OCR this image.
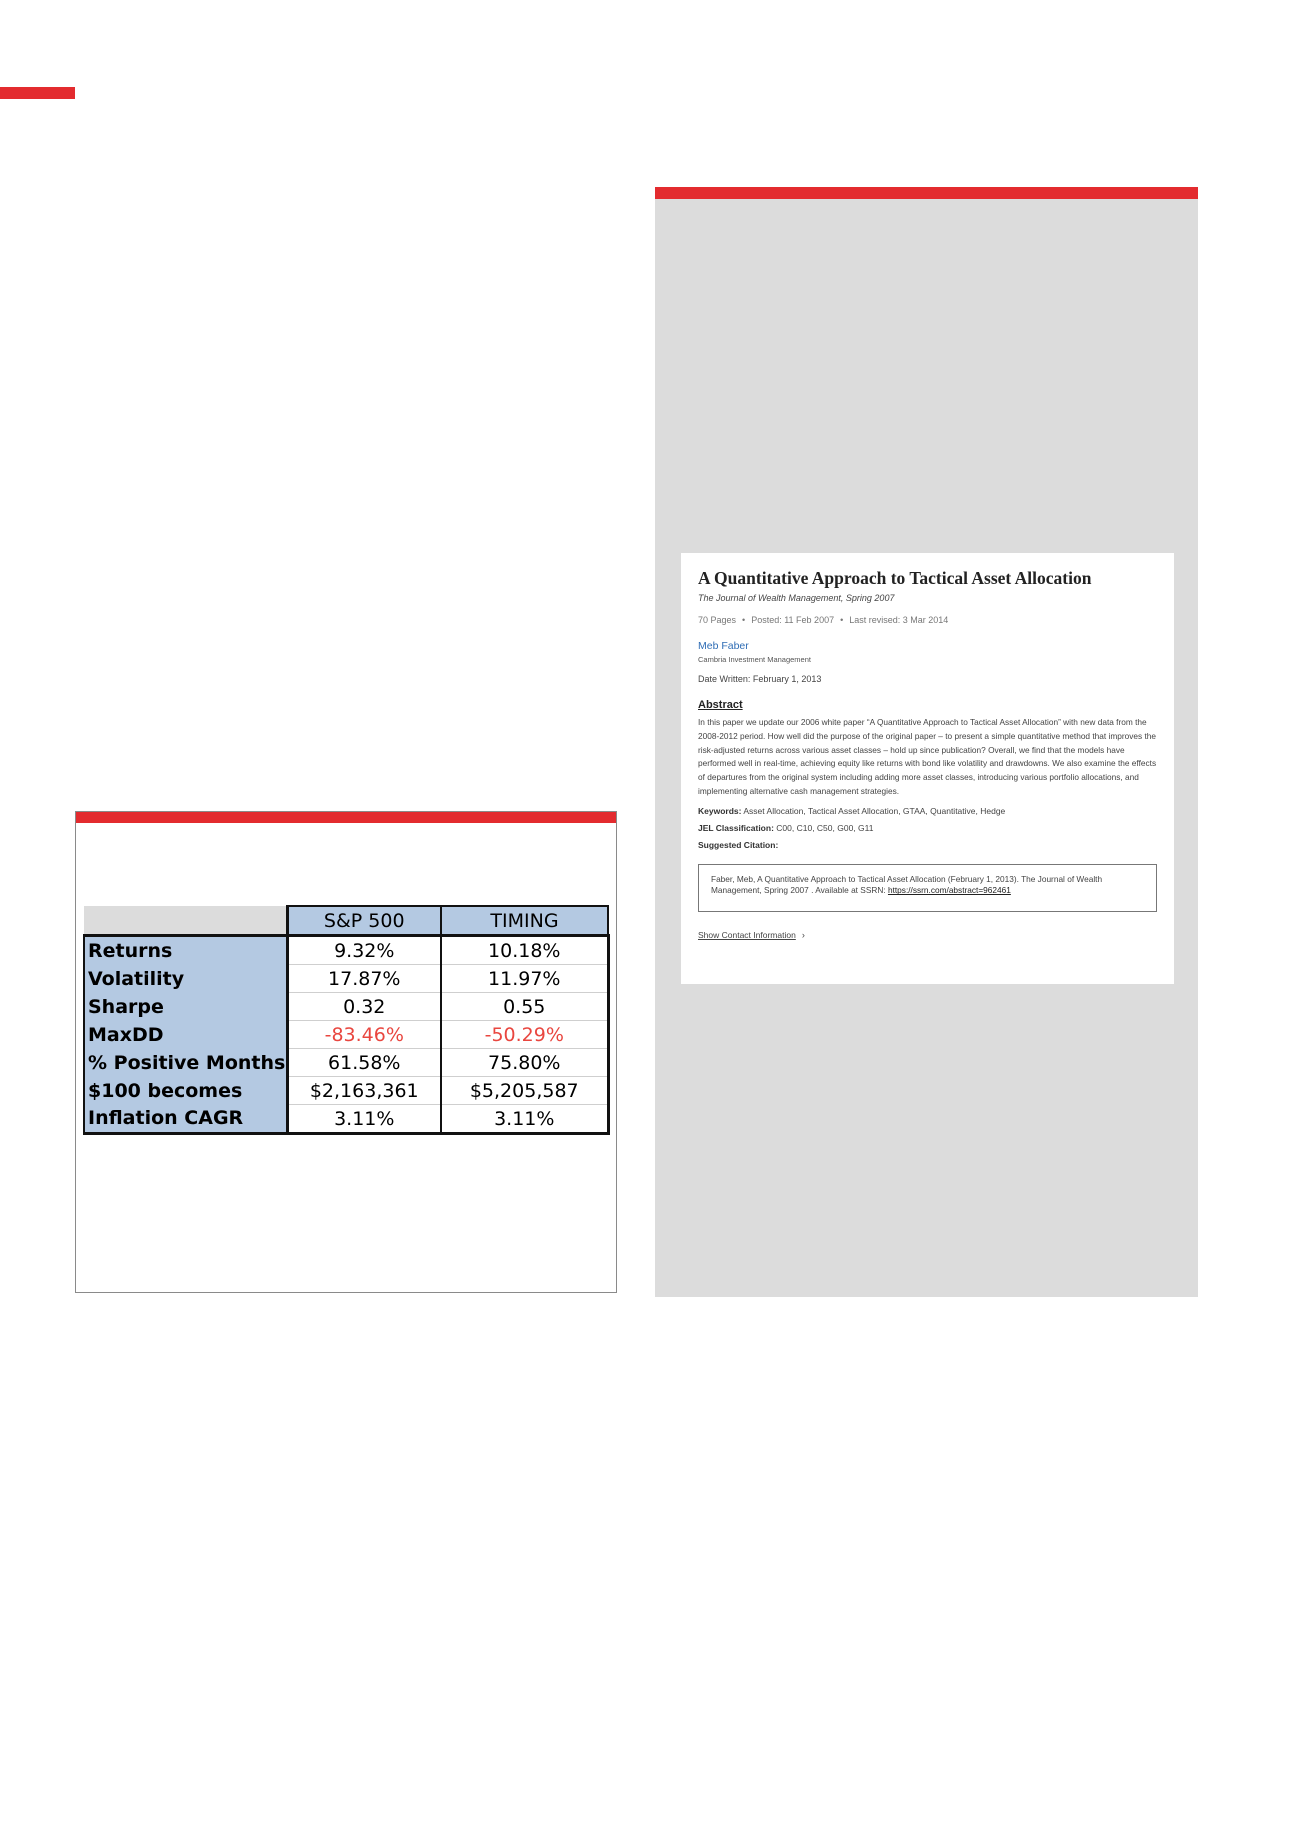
	S&P 500	TIMING
Returns	9.32%	10.18%
Volatility	17.87%	11.97%
Sharpe	0.32	0.55
MaxDD	-83.46%	-50.29%
% Positive Months	61.58%	75.80%
$100 becomes	$2,163,361	$5,205,587
Inflation CAGR	3.11%	3.11%
A Quantitative Approach to Tactical Asset Allocation
The Journal of Wealth Management, Spring 2007
70 Pages • Posted: 11 Feb 2007 • Last revised: 3 Mar 2014
Meb Faber
Cambria Investment Management
Date Written: February 1, 2013
Abstract
In this paper we update our 2006 white paper “A Quantitative Approach to Tactical Asset Allocation” with new data from the 2008-2012 period. How well did the purpose of the original paper – to present a simple quantitative method that improves the risk-adjusted returns across various asset classes – hold up since publication? Overall, we find that the models have performed well in real-time, achieving equity like returns with bond like volatility and drawdowns. We also examine the effects of departures from the original system including adding more asset classes, introducing various portfolio allocations, and implementing alternative cash management strategies.
Keywords: Asset Allocation, Tactical Asset Allocation, GTAA, Quantitative, Hedge
JEL Classification: C00, C10, C50, G00, G11
Suggested Citation:
Faber, Meb, A Quantitative Approach to Tactical Asset Allocation (February 1, 2013). The Journal of Wealth Management, Spring 2007 . Available at SSRN: https://ssrn.com/abstract=962461
Show Contact Information ›
